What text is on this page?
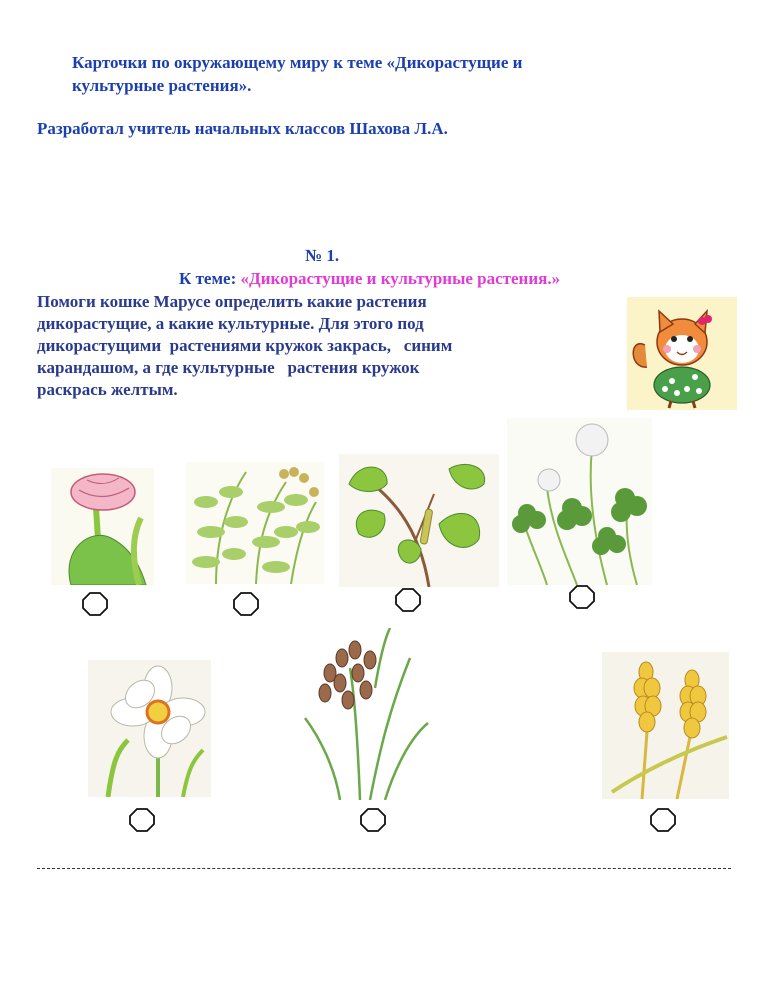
Карточки по окружающему миру к теме «Дикорастущие и
культурные растения».
Разработал учитель начальных классов Шахова Л.А.
№ 1.
К теме: «Дикорастущие и культурные растения.»
Помоги кошке Марусе определить какие растения
дикорастущие, а какие культурные. Для этого под
дикорастущими  растениями кружок закрась,   синим
карандашом, а где культурные   растения кружок
раскрась желтым.
